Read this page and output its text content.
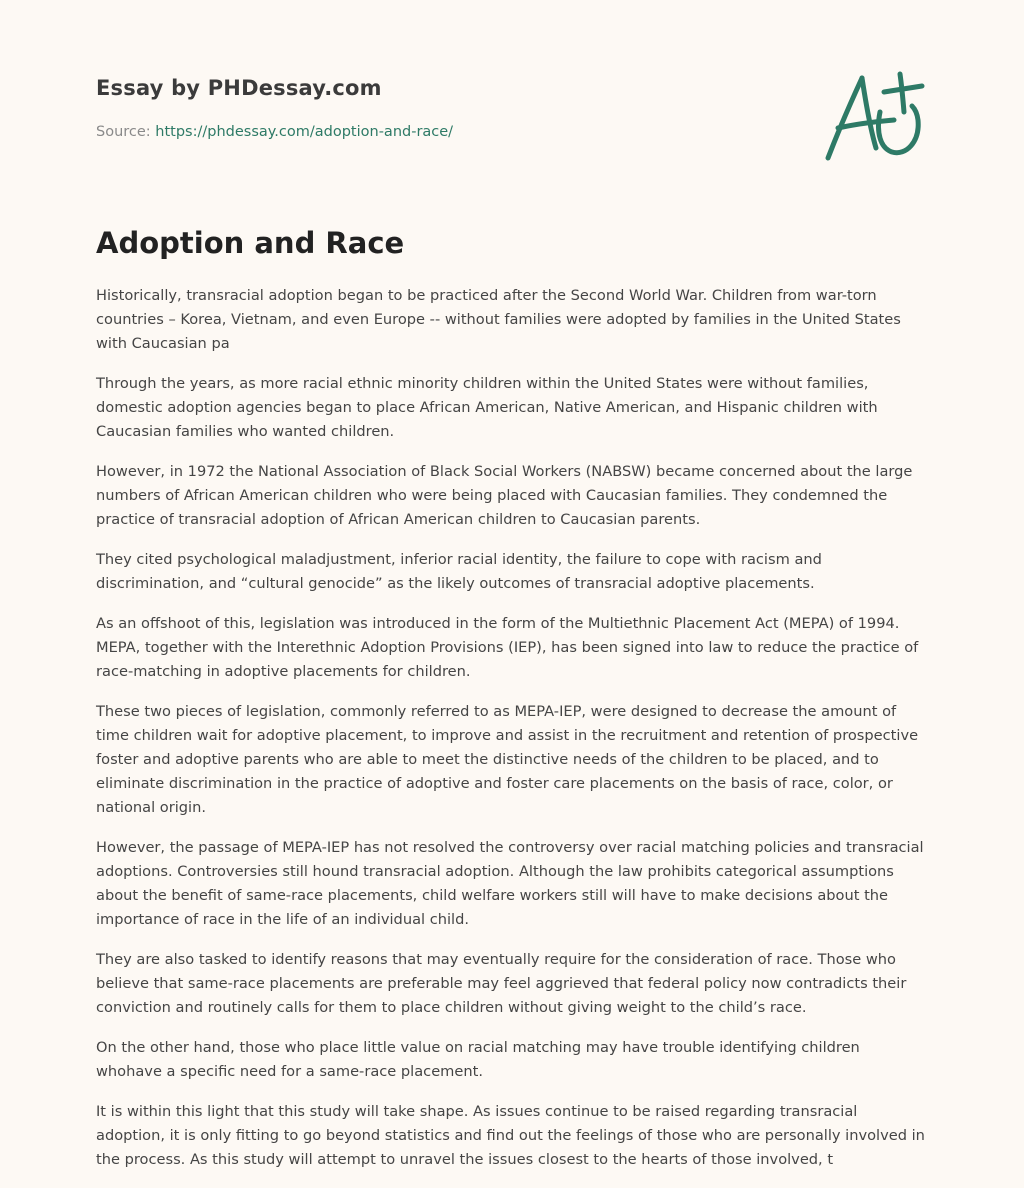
Essay by PHDessay.com
Source: https://phdessay.com/adoption-and-race/
Adoption and Race

Historically, transracial adoption began to be practiced after the Second World War. Children from war-torn countries – Korea, Vietnam, and even Europe -- without families were adopted by families in the United States with Caucasian pa

Through the years, as more racial ethnic minority children within the United States were without families, domestic adoption agencies began to place African American, Native American, and Hispanic children with Caucasian families who wanted children.

However, in 1972 the National Association of Black Social Workers (NABSW) became concerned about the large numbers of African American children who were being placed with Caucasian families. They condemned the practice of transracial adoption of African American children to Caucasian parents.

They cited psychological maladjustment, inferior racial identity, the failure to cope with racism and discrimination, and “cultural genocide” as the likely outcomes of transracial adoptive placements.

As an offshoot of this, legislation was introduced in the form of the Multiethnic Placement Act (MEPA) of 1994. MEPA, together with the Interethnic Adoption Provisions (IEP), has been signed into law to reduce the practice of race-matching in adoptive placements for children.

These two pieces of legislation, commonly referred to as MEPA-IEP, were designed to decrease the amount of time children wait for adoptive placement, to improve and assist in the recruitment and retention of prospective foster and adoptive parents who are able to meet the distinctive needs of the children to be placed, and to eliminate discrimination in the practice of adoptive and foster care placements on the basis of race, color, or national origin.

However, the passage of MEPA-IEP has not resolved the controversy over racial matching policies and transracial adoptions. Controversies still hound transracial adoption. Although the law prohibits categorical assumptions about the benefit of same-race placements, child welfare workers still will have to make decisions about the importance of race in the life of an individual child.

They are also tasked to identify reasons that may eventually require for the consideration of race. Those who believe that same-race placements are preferable may feel aggrieved that federal policy now contradicts their conviction and routinely calls for them to place children without giving weight to the child’s race.

On the other hand, those who place little value on racial matching may have trouble identifying children whohave a specific need for a same-race placement.

It is within this light that this study will take shape. As issues continue to be raised regarding transracial adoption, it is only fitting to go beyond statistics and find out the feelings of those who are personally involved in the process. As this study will attempt to unravel the issues closest to the hearts of those involved, t
